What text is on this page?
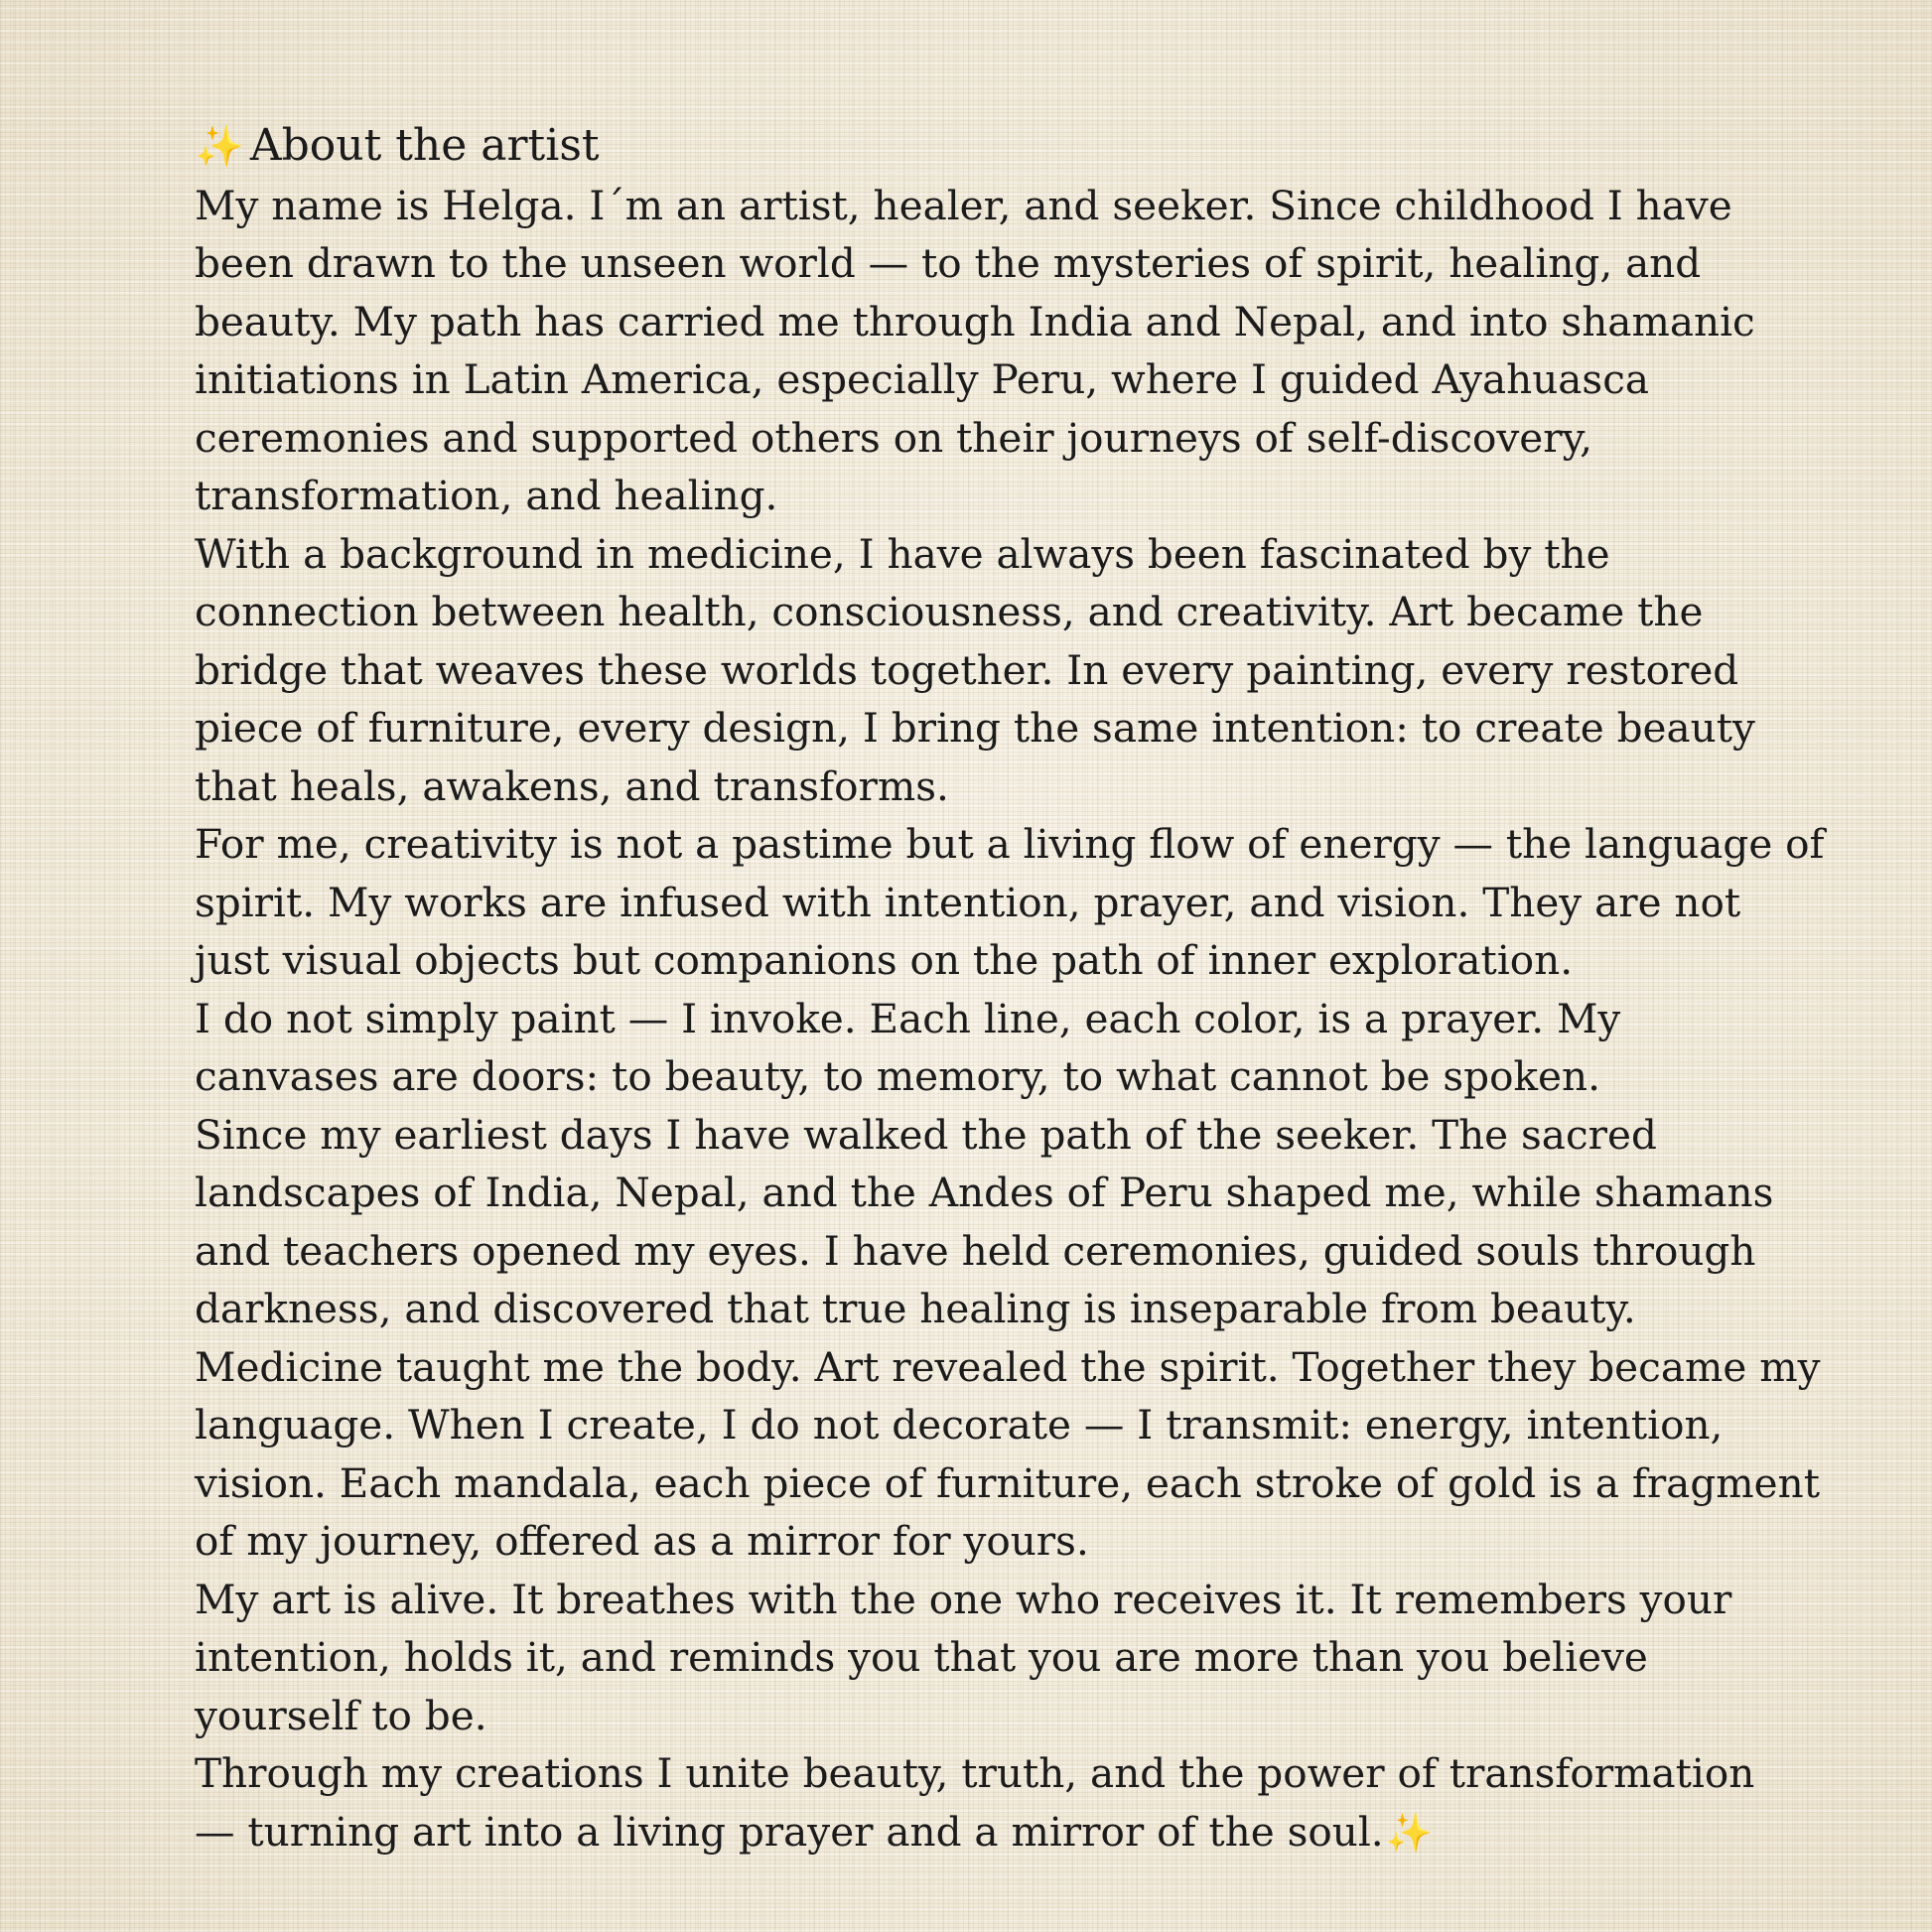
✨ About the artist

My name is Helga. I´m an artist, healer, and seeker. Since childhood I have
been drawn to the unseen world — to the mysteries of spirit, healing, and
beauty. My path has carried me through India and Nepal, and into shamanic
initiations in Latin America, especially Peru, where I guided Ayahuasca
ceremonies and supported others on their journeys of self-discovery,
transformation, and healing.

With a background in medicine, I have always been fascinated by the
connection between health, consciousness, and creativity. Art became the
bridge that weaves these worlds together. In every painting, every restored
piece of furniture, every design, I bring the same intention: to create beauty
that heals, awakens, and transforms.

For me, creativity is not a pastime but a living flow of energy — the language of
spirit. My works are infused with intention, prayer, and vision. They are not
just visual objects but companions on the path of inner exploration.

I do not simply paint — I invoke. Each line, each color, is a prayer. My
canvases are doors: to beauty, to memory, to what cannot be spoken.

Since my earliest days I have walked the path of the seeker. The sacred
landscapes of India, Nepal, and the Andes of Peru shaped me, while shamans
and teachers opened my eyes. I have held ceremonies, guided souls through
darkness, and discovered that true healing is inseparable from beauty.

Medicine taught me the body. Art revealed the spirit. Together they became my
language. When I create, I do not decorate — I transmit: energy, intention,
vision. Each mandala, each piece of furniture, each stroke of gold is a fragment
of my journey, offered as a mirror for yours.

My art is alive. It breathes with the one who receives it. It remembers your
intention, holds it, and reminds you that you are more than you believe
yourself to be.

Through my creations I unite beauty, truth, and the power of transformation
— turning art into a living prayer and a mirror of the soul.✨
